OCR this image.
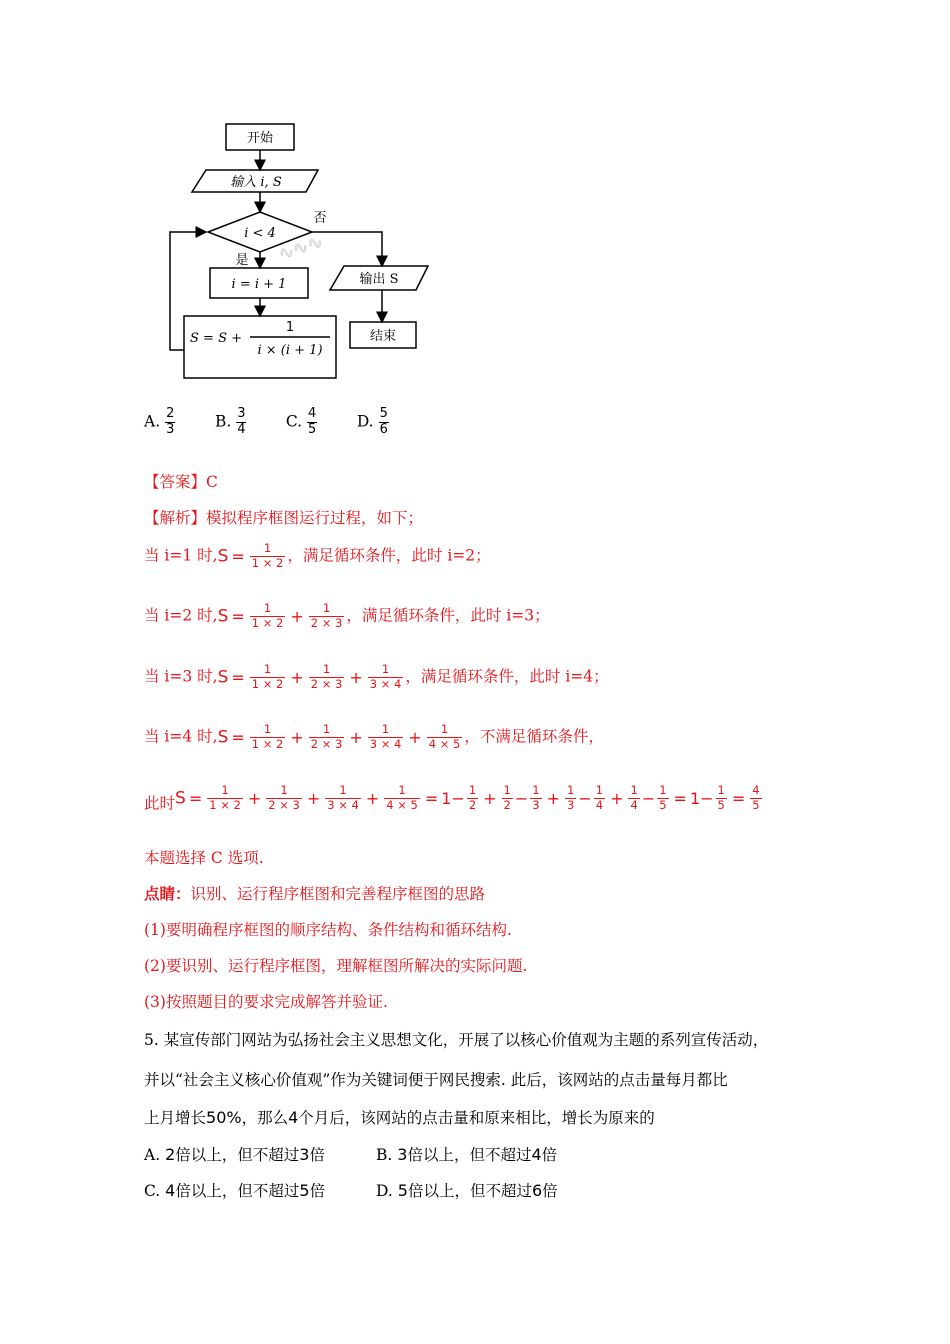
∿∿∿
开始
输入 i, S
i < 4
否
是
i = i + 1
S = S +
1
i × (i + 1)
输出 S
结束
A. $\frac{2}{3}$	B. $\frac{3}{4}$	C. $\frac{4}{5}$	D. $\frac{5}{6}$
【答案】C
【解析】模拟程序框图运行过程，如下；
当 i=1 时$,S = \frac{1}{1 \times 2}$ ，满足循环条件，此时 i=2；
当 i=2 时$,S = \frac{1}{1 \times 2} + \frac{1}{2 \times 3}$ ，满足循环条件，此时 i=3；
当 i=3 时$,S = \frac{1}{1 \times 2} + \frac{1}{2 \times 3} + \frac{1}{3 \times 4}$ ，满足循环条件，此时 i=4；
当 i=4 时$,S = \frac{1}{1 \times 2} + \frac{1}{2 \times 3} + \frac{1}{3 \times 4} + \frac{1}{4 \times 5}$ ，不满足循环条件，
此时$S = \frac{1}{1 \times 2} + \frac{1}{2 \times 3} + \frac{1}{3 \times 4} + \frac{1}{4 \times 5} = 1- \frac{1}{2} + \frac{1}{2} - \frac{1}{3} + \frac{1}{3} - \frac{1}{4} + \frac{1}{4} - \frac{1}{5} = 1- \frac{1}{5} = \frac{4}{5}$
本题选择 C 选项.
点睛：识别、运行程序框图和完善程序框图的思路
(1)要明确程序框图的顺序结构、条件结构和循环结构.
(2)要识别、运行程序框图，理解框图所解决的实际问题.
(3)按照题目的要求完成解答并验证.
5. 某宣传部门网站为弘扬社会主义思想文化，开展了以核心价值观为主题的系列宣传活动，
并以“社会主义核心价值观”作为关键词便于网民搜索. 此后，该网站的点击量每月都比
上月增长50%，那么4个月后，该网站的点击量和原来相比，增长为原来的
A. 2倍以上，但不超过3倍	B. 3倍以上，但不超过4倍
C. 4倍以上，但不超过5倍	D. 5倍以上，但不超过6倍
